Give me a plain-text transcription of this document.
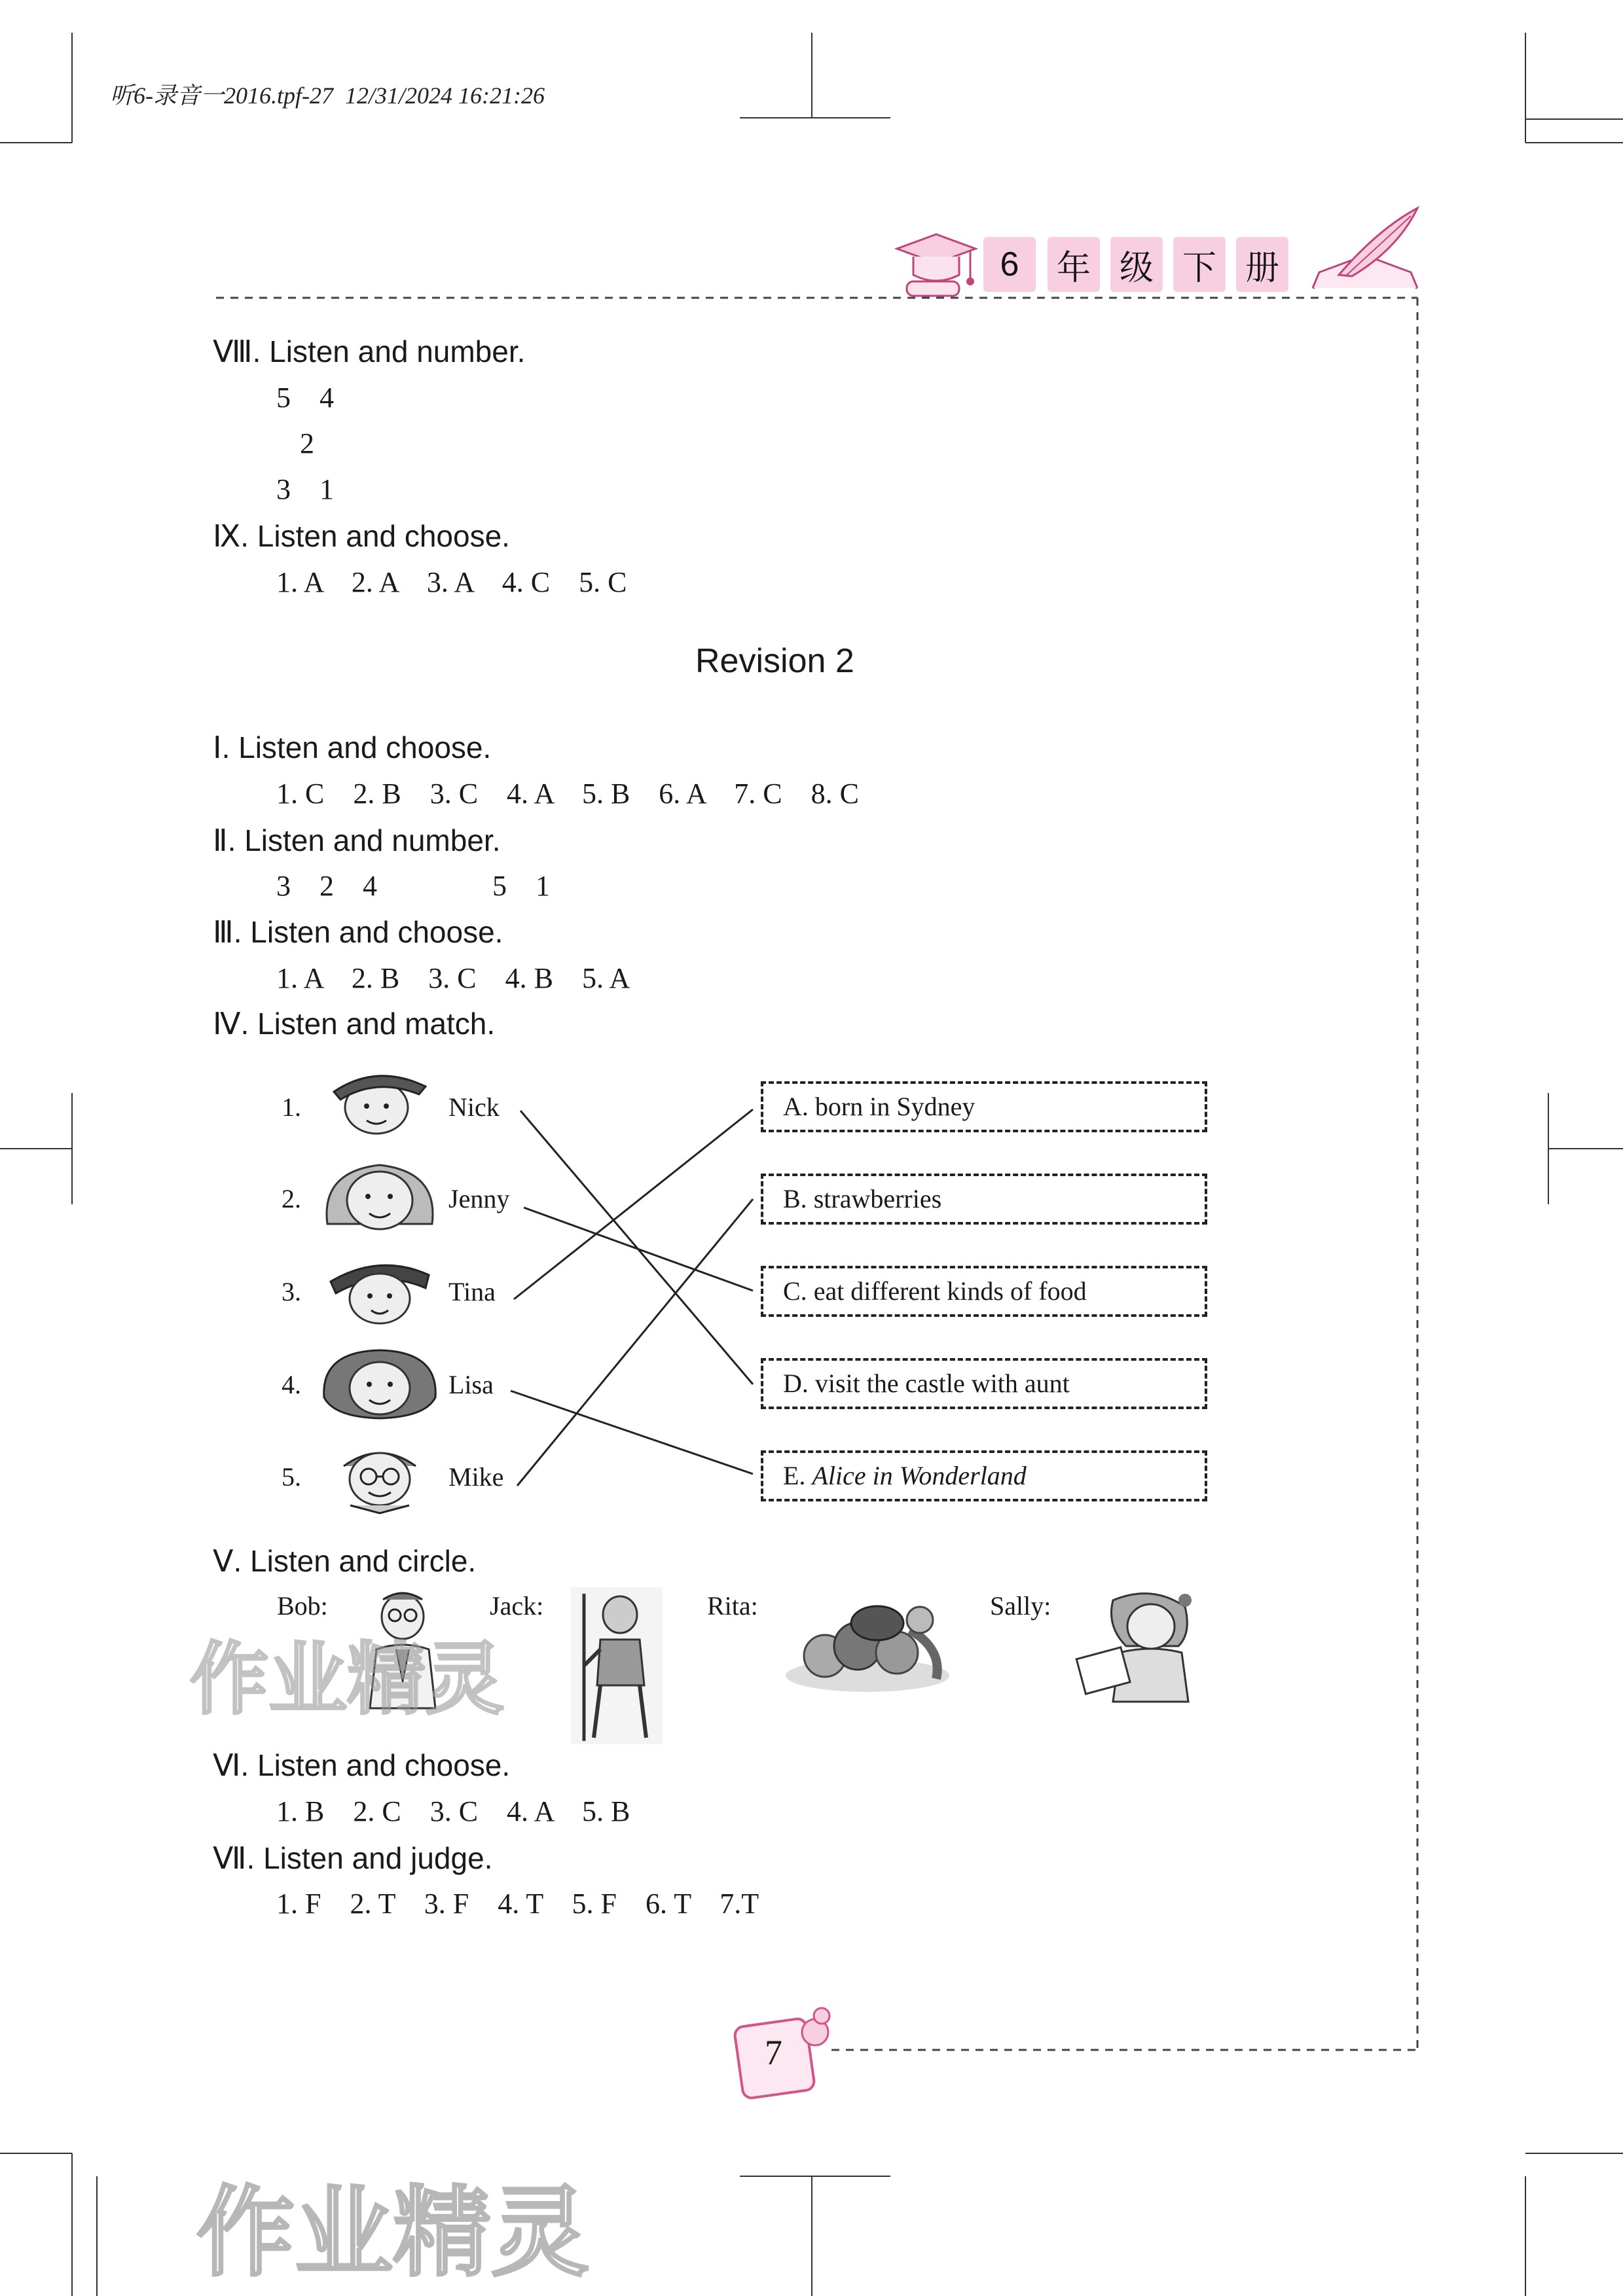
听6-录音一2016.tpf-27  12/31/2024 16:21:26
6 年 级 下 册
Ⅷ. Listen and number.
5    4
2
3    1
Ⅸ. Listen and choose.
1. A    2. A    3. A    4. C    5. C
Revision 2
Ⅰ. Listen and choose.
1. C    2. B    3. C    4. A    5. B    6. A    7. C    8. C
Ⅱ. Listen and number.
3    2    4                5    1
Ⅲ. Listen and choose.
1. A    2. B    3. C    4. B    5. A
Ⅳ. Listen and match.
1.
2.
3.
4.
5.
Nick
Jenny
Tina
Lisa
Mike
A. born in Sydney
B. strawberries
C. eat different kinds of food
D. visit the castle with aunt
E. Alice in Wonderland
Ⅴ. Listen and circle.
Bob:	Jack:	Rita:	Sally:
作业精灵
Ⅵ. Listen and choose.
1. B    2. C    3. C    4. A    5. B
Ⅶ. Listen and judge.
1. F    2. T    3. F    4. T    5. F    6. T    7.T
7
作业精灵
